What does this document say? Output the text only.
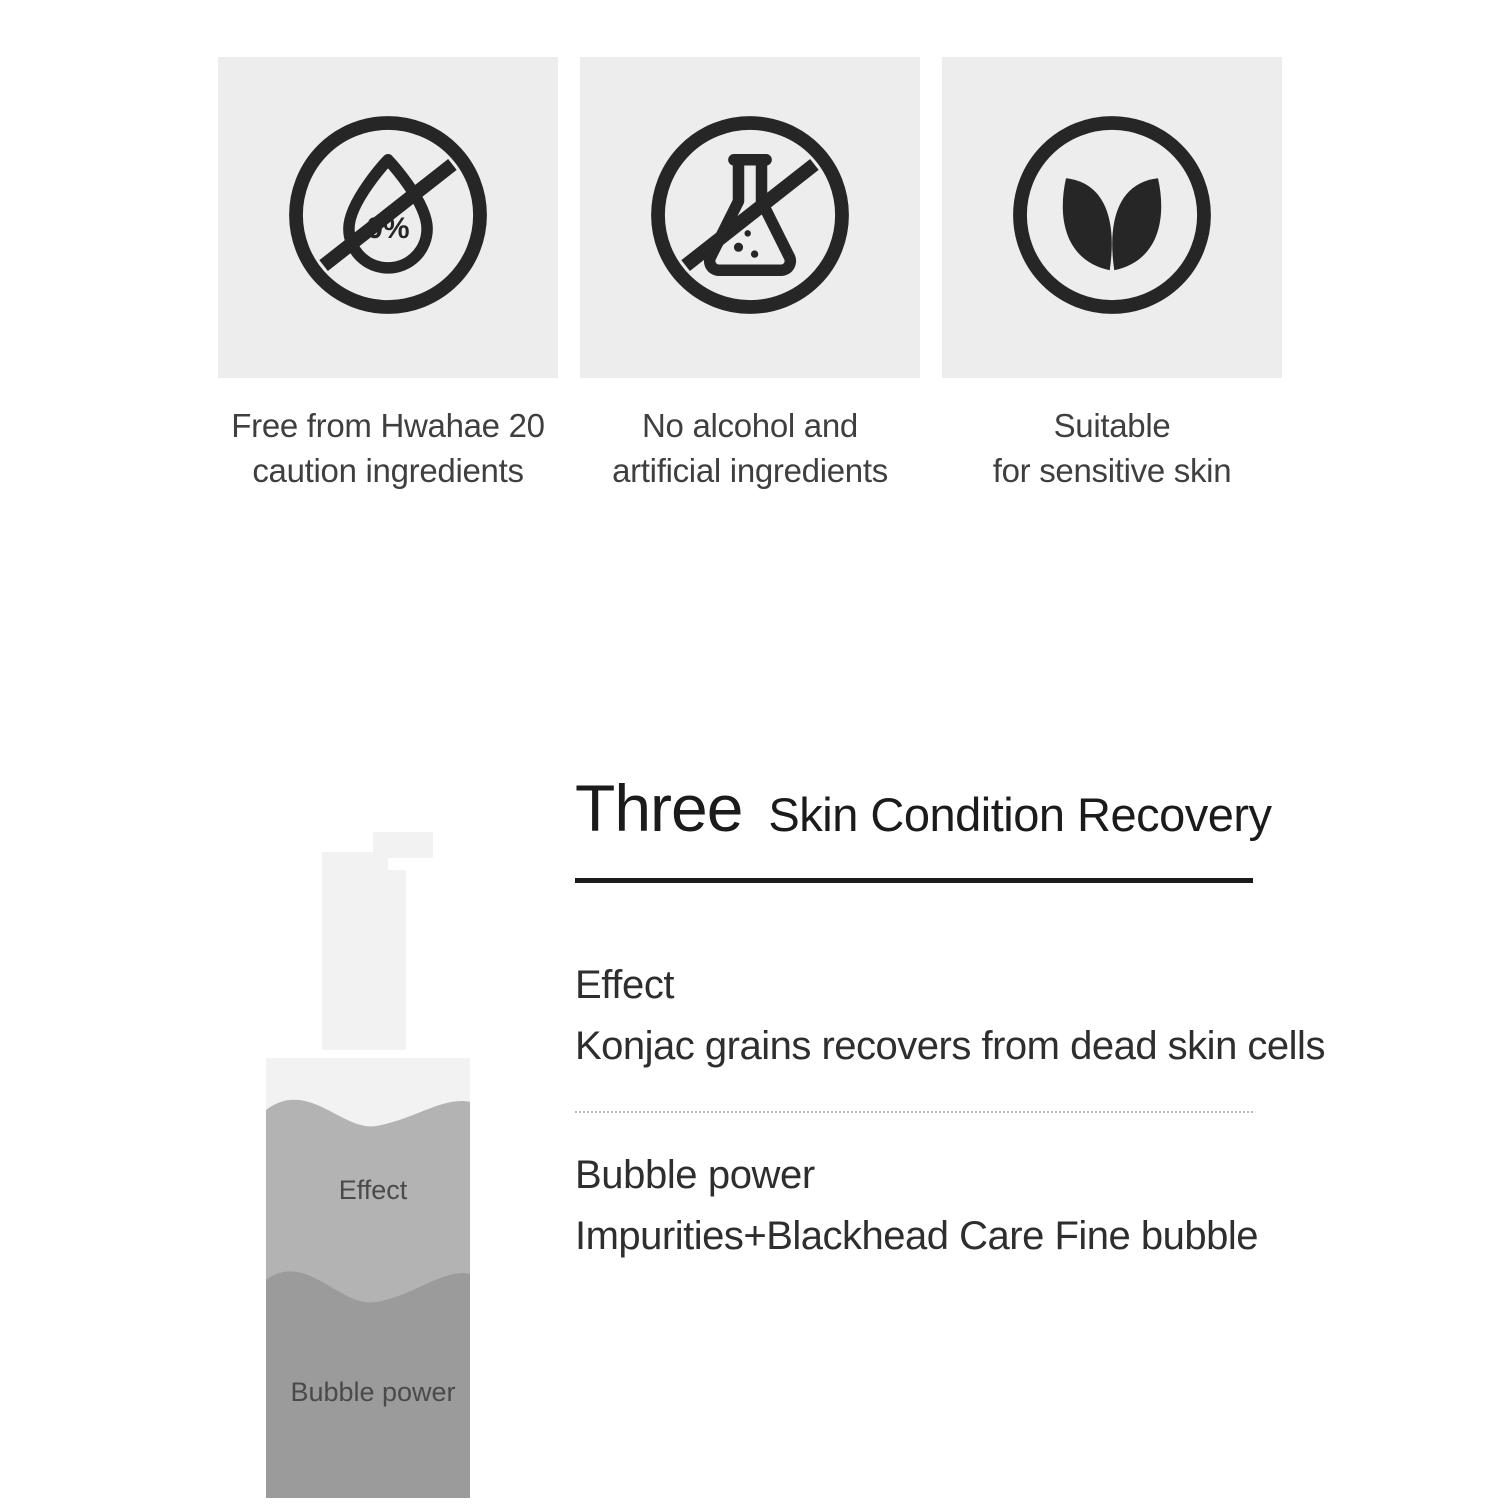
0%
Free from Hwahae 20
caution ingredients
No alcohol and
artificial ingredients
Suitable
for sensitive skin
Effect
Bubble power
Three Skin Condition Recovery
Effect
Konjac grains recovers from dead skin cells
Bubble power
Impurities+Blackhead Care Fine bubble
